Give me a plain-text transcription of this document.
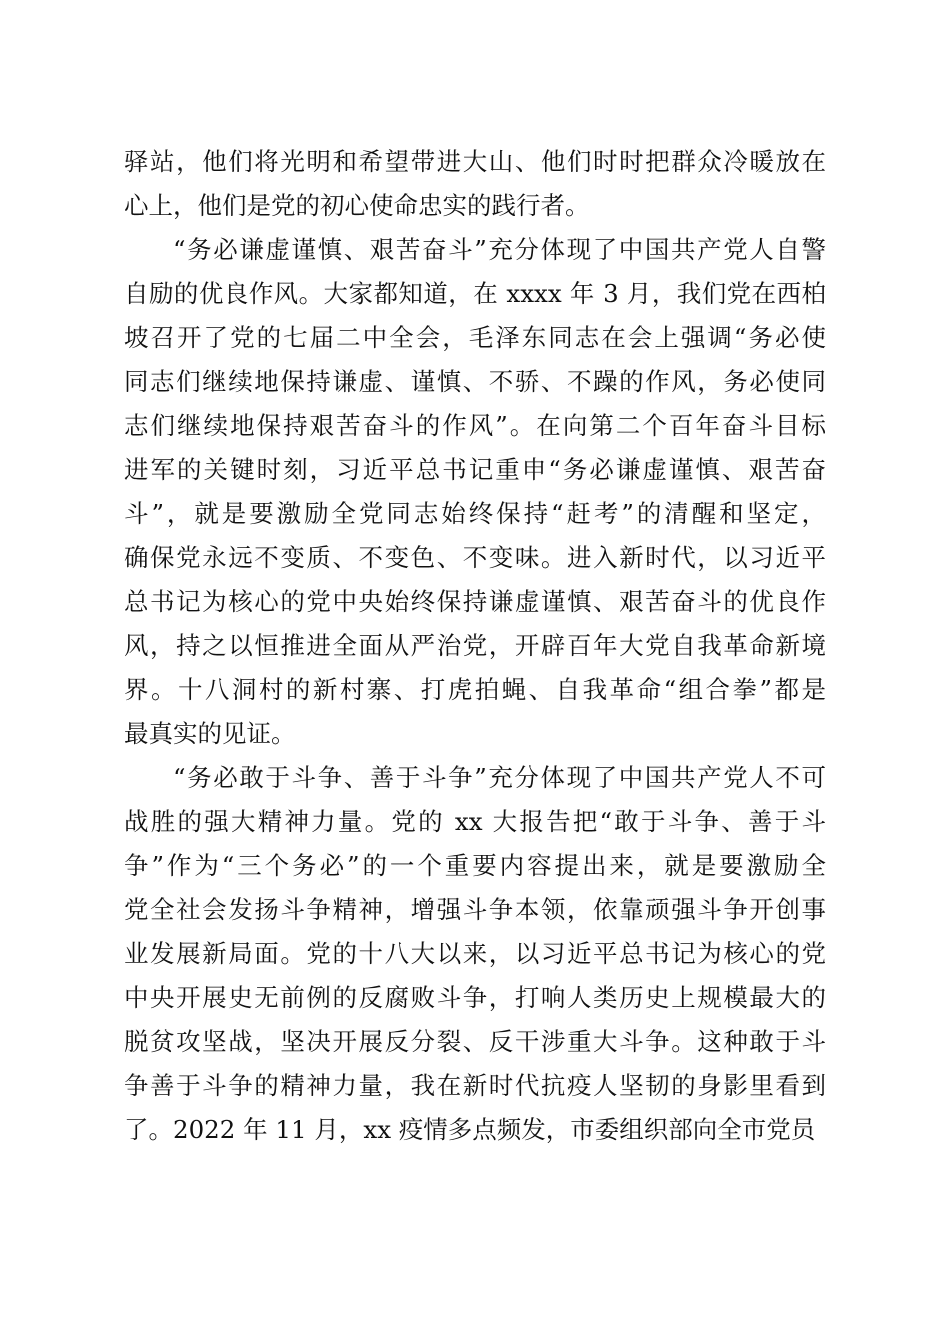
驿站，他们将光明和希望带进大山、他们时时把群众冷暖放在
心上，他们是党的初心使命忠实的践行者。
“务必谦虚谨慎、艰苦奋斗”充分体现了中国共产党人自警
自励的优良作风。大家都知道，在 xxxx 年 3 月，我们党在西柏
坡召开了党的七届二中全会，毛泽东同志在会上强调“务必使
同志们继续地保持谦虚、谨慎、不骄、不躁的作风，务必使同
志们继续地保持艰苦奋斗的作风”。在向第二个百年奋斗目标
进军的关键时刻，习近平总书记重申“务必谦虚谨慎、艰苦奋
斗”，就是要激励全党同志始终保持“赶考”的清醒和坚定，
确保党永远不变质、不变色、不变味。进入新时代，以习近平
总书记为核心的党中央始终保持谦虚谨慎、艰苦奋斗的优良作
风，持之以恒推进全面从严治党，开辟百年大党自我革命新境
界。十八洞村的新村寨、打虎拍蝇、自我革命“组合拳”都是
最真实的见证。
“务必敢于斗争、善于斗争”充分体现了中国共产党人不可
战胜的强大精神力量。党的 xx 大报告把“敢于斗争、善于斗
争”作为“三个务必”的一个重要内容提出来，就是要激励全
党全社会发扬斗争精神，增强斗争本领，依靠顽强斗争开创事
业发展新局面。党的十八大以来，以习近平总书记为核心的党
中央开展史无前例的反腐败斗争，打响人类历史上规模最大的
脱贫攻坚战，坚决开展反分裂、反干涉重大斗争。这种敢于斗
争善于斗争的精神力量，我在新时代抗疫人坚韧的身影里看到
了。2022 年 11 月，xx 疫情多点频发，市委组织部向全市党员
